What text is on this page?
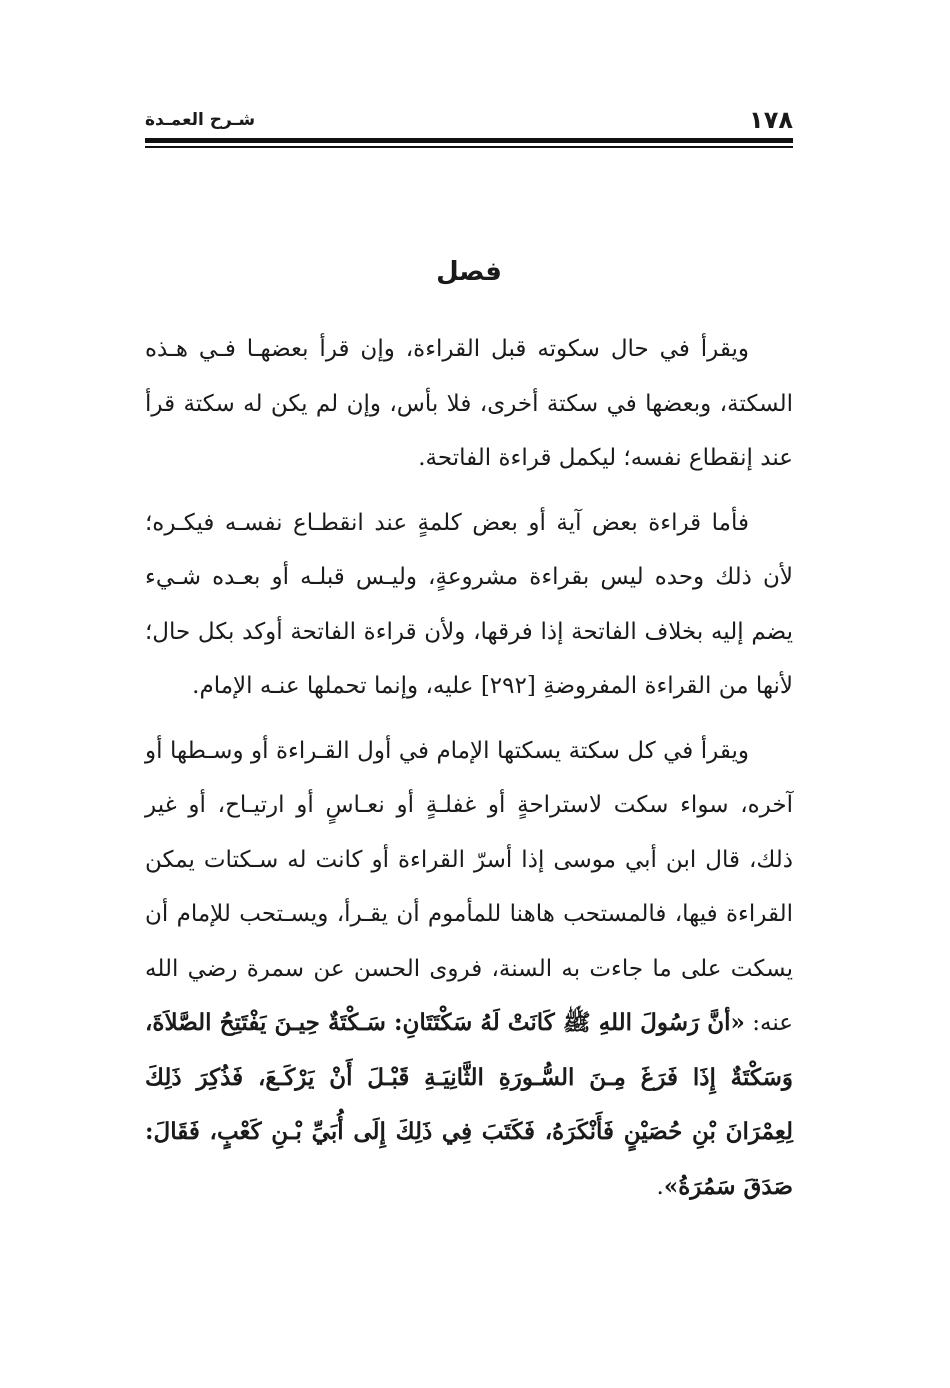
١٧٨
شـرح العمـدة
فصل

ويقرأ في حال سكوته قبل القراءة، وإن قرأ بعضهـا فـي هـذه السكتة، وبعضها في سكتة أخرى، فلا بأس، وإن لم يكن له سكتة قرأ عند إنقطاع نفسه؛ ليكمل قراءة الفاتحة.

فأما قراءة بعض آية أو بعض كلمةٍ عند انقطـاع نفسـه فيكـره؛ لأن ذلك وحده ليس بقراءة مشروعةٍ، وليـس قبلـه أو بعـده شـيء يضم إليه بخلاف الفاتحة إذا فرقها، ولأن قراءة الفاتحة أوكد بكل حال؛ لأنها من القراءة المفروضةِ [٢٩٢] عليه، وإنما تحملها عنـه الإمام.

ويقرأ في كل سكتة يسكتها الإمام في أول القـراءة أو وسـطها أو آخره، سواء سكت لاستراحةٍ أو غفلـةٍ أو نعـاسٍ أو ارتيـاح، أو غير ذلك، قال ابن أبي موسى إذا أسرّ القراءة أو كانت له سـكتات يمكن القراءة فيها، فالمستحب هاهنا للمأموم أن يقـرأ، ويسـتحب للإمام أن يسكت على ما جاءت به السنة، فروى الحسن عن سمرة رضي الله عنه: «أنَّ رَسُولَ اللهِ ﷺ كَانَتْ لَهُ سَكْتَتَانِ: سَـكْتَةٌ حِيـنَ يَفْتَتِحُ الصَّلاَةَ، وَسَكْتَةٌ إِذَا فَرَغَ مِـنَ السُّـورَةِ الثَّانِيَـةِ قَبْـلَ أَنْ يَرْكَـعَ، فَذُكِرَ ذَلِكَ لِعِمْرَانَ بْنِ حُصَيْنٍ فَأَنْكَرَهُ، فَكَتَبَ فِي ذَلِكَ إِلَى أُبَيِّ بْـنِ كَعْبٍ، فَقَالَ: صَدَقَ سَمُرَةُ».
